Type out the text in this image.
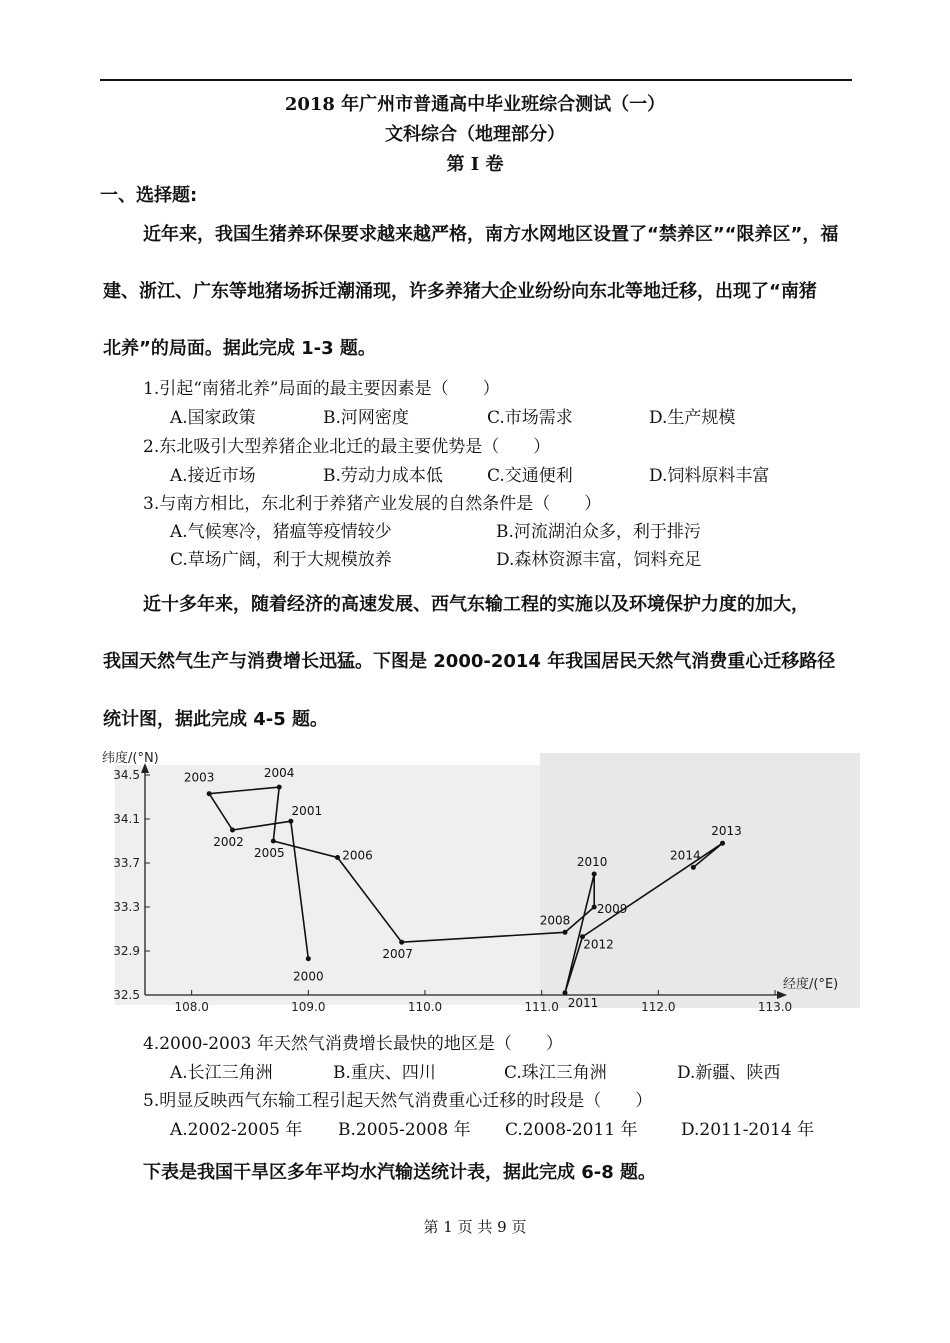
2018 年广州市普通高中毕业班综合测试（一）
文科综合（地理部分）
第 I 卷
一、选择题:
近年来，我国生猪养环保要求越来越严格，南方水网地区设置了“禁养区”“限养区”，福
建、浙江、广东等地猪场拆迁潮涌现，许多养猪大企业纷纷向东北等地迁移，出现了“南猪
北养”的局面。据此完成 1-3 题。
1.引起“南猪北养”局面的最主要因素是（　　）
A.国家政策	B.河网密度	C.市场需求	D.生产规模
2.东北吸引大型养猪企业北迁的最主要优势是（　　）
A.接近市场	B.劳动力成本低	C.交通便利	D.饲料原料丰富
3.与南方相比，东北利于养猪产业发展的自然条件是（　　）
A.气候寒冷，猪瘟等疫情较少	B.河流湖泊众多，利于排污
C.草场广阔，利于大规模放养	D.森林资源丰富，饲料充足
近十多年来，随着经济的高速发展、西气东输工程的实施以及环境保护力度的加大，
我国天然气生产与消费增长迅猛。下图是 2000-2014 年我国居民天然气消费重心迁移路径
统计图，据此完成 4-5 题。
108.0	109.0	110.0	111.0	112.0	113.0
32.5
32.9
33.3
33.7
34.1
34.5
2000
2001
2002
2003	2004
2005	2006
2007
2008
2009
2010
2011
2012
2013
2014
纬度/(°N)
经度/(°E)
4.2000-2003 年天然气消费增长最快的地区是（　　）
A.长江三角洲	B.重庆、四川	C.珠江三角洲	D.新疆、陕西
5.明显反映西气东输工程引起天然气消费重心迁移的时段是（　　）
A.2002-2005 年 B.2005-2008 年 C.2008-2011 年	D.2011-2014 年
下表是我国干旱区多年平均水汽输送统计表，据此完成 6-8 题。
第 1 页 共 9 页
